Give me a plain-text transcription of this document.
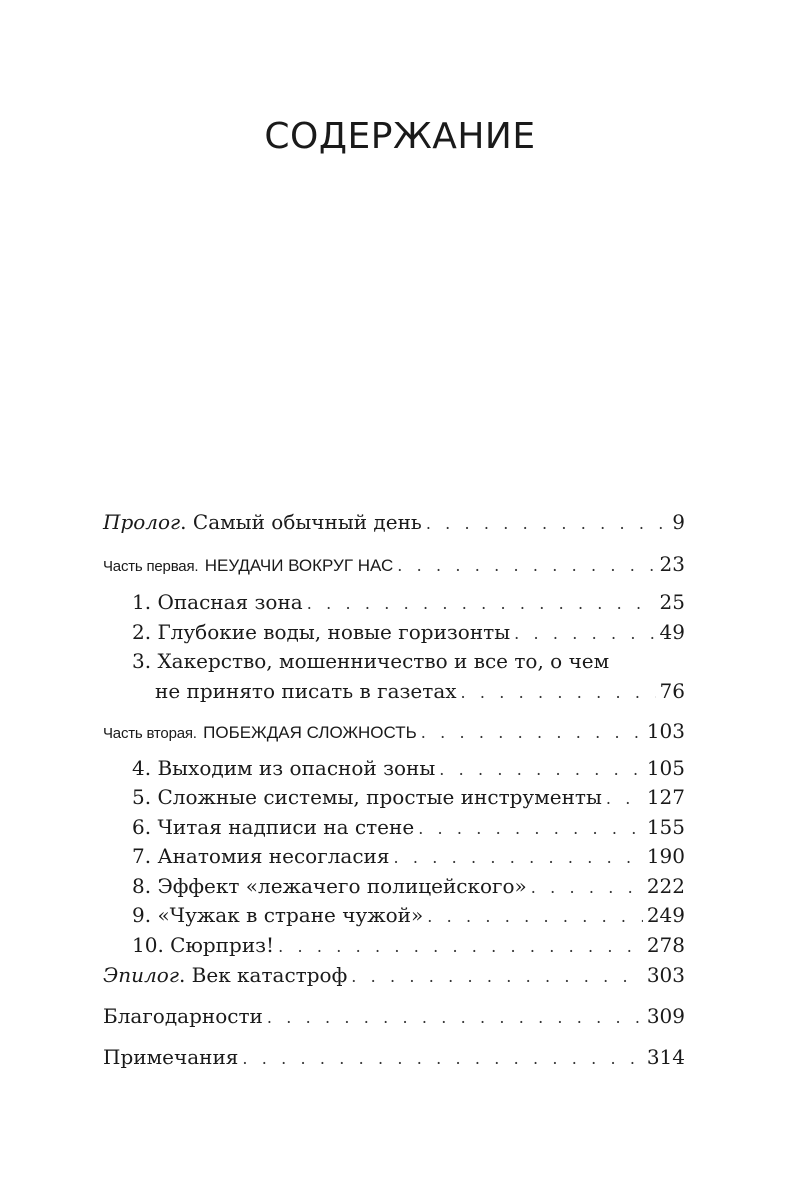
СОДЕРЖАНИЕ
Пролог. Самый обычный день . . .	9
Часть первая. НЕУДАЧИ ВОКРУГ НАС . . .	23
1. Опасная зона . . .	25
2. Глубокие воды, новые горизонты . . .	49
3. Хакерство, мошенничество и все то, о чем
не принято писать в газетах . . .	76
Часть вторая. ПОБЕЖДАЯ СЛОЖНОСТЬ . . .	103
4. Выходим из опасной зоны . . .	105
5. Сложные системы, простые инструменты . . . 127
6. Читая надписи на стене . . .	155
7. Анатомия несогласия . . .	190
8. Эффект «лежачего полицейского» . . .	222
9. «Чужак в стране чужой» . . .	249
10. Сюрприз! . . .	278
Эпилог. Век катастроф . . .	303
Благодарности . . .	309
Примечания . . .	314
